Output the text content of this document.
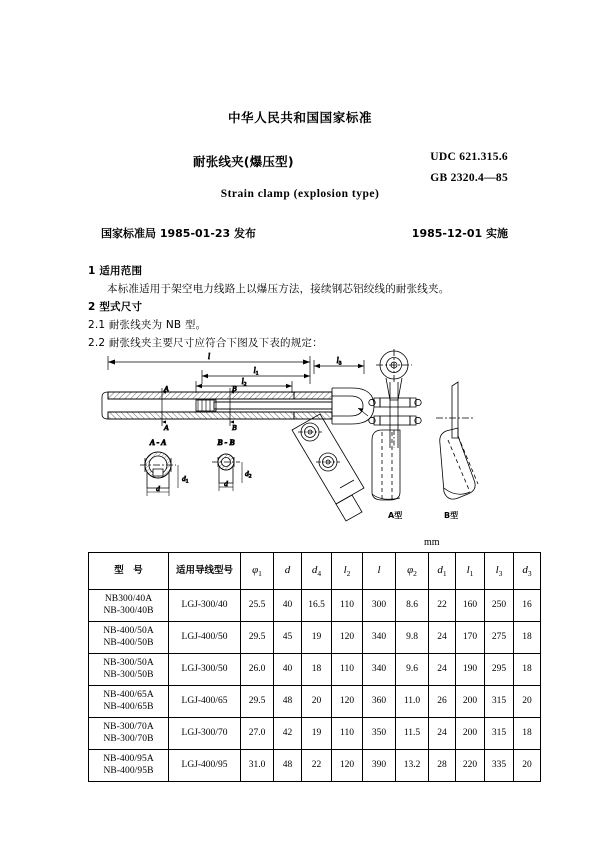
中华人民共和国国家标准
耐张线夹(爆压型)	UDC 621.315.6
GB 2320.4—85
Strain clamp (explosion type)
国家标准局 1985-01-23 发布	1985-12-01 实施
1 适用范围
本标准适用于架空电力线路上以爆压方法，接续钢芯铝绞线的耐张线夹。
2 型式尺寸
2.1 耐张线夹为 NB 型。
2.2 耐张线夹主要尺寸应符合下图及下表的规定：
l	l3
l1
l2
A
A
B
B
A - A
d
$d_1$
B - B
d
$d_2$
A型	B型
mm
型　号	适用导线型号	$\varphi_1$	d	$d_4$	$l_2$	l	$\varphi_2$	$d_1$	$l_1$	$l_3$	$d_3$

NB300/40A
NB-300/40B	LGJ-300/40	25.5	40	16.5	110	300	8.6	22	160	250	16

NB-400/50A
NB-400/50B	LGJ-400/50	29.5	45	19	120	340	9.8	24	170	275	18

NB-300/50A
NB-300/50B	LGJ-300/50	26.0	40	18	110	340	9.6	24	190	295	18

NB-400/65A
NB-400/65B	LGJ-400/65	29.5	48	20	120	360	11.0	26	200	315	20

NB-300/70A
NB-300/70B	LGJ-300/70	27.0	42	19	110	350	11.5	24	200	315	18

NB-400/95A
NB-400/95B	LGJ-400/95	31.0	48	22	120	390	13.2	28	220	335	20
